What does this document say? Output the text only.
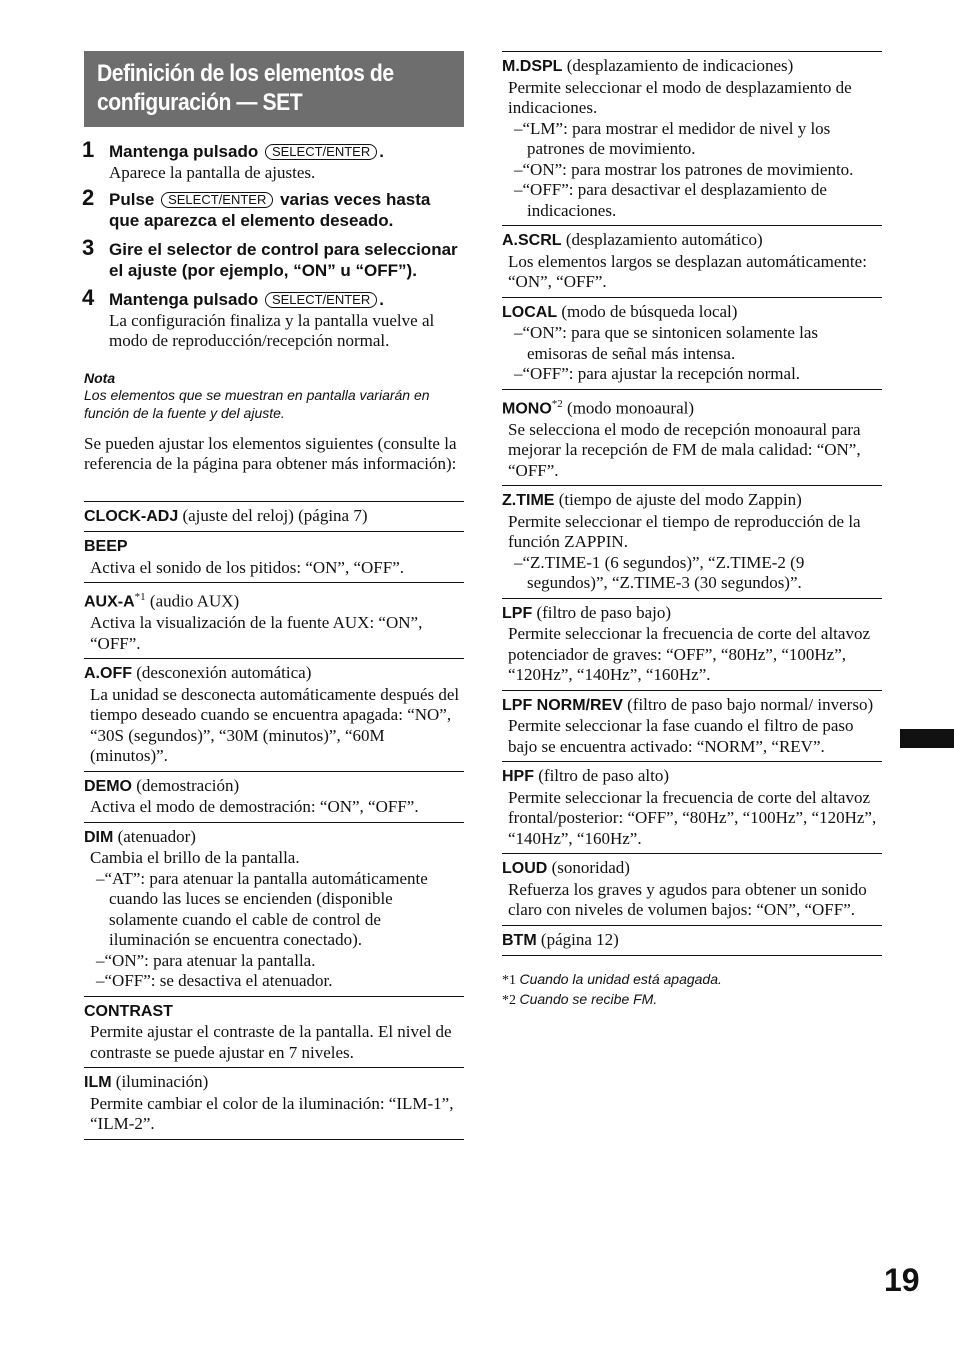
Definición de los elementos de
configuración — SET
1 Mantenga pulsado SELECT/ENTER .
Aparece la pantalla de ajustes.
2 Pulse SELECT/ENTER varias veces hasta que aparezca el elemento deseado.
3 Gire el selector de control para seleccionar el ajuste (por ejemplo, “ON” u “OFF”).
4 Mantenga pulsado SELECT/ENTER .
La configuración finaliza y la pantalla vuelve al modo de reproducción/recepción normal.
Nota
Los elementos que se muestran en pantalla variarán en función de la fuente y del ajuste.
Se pueden ajustar los elementos siguientes (consulte la referencia de la página para obtener más información):
CLOCK-ADJ (ajuste del reloj) (página 7)
BEEP
Activa el sonido de los pitidos: “ON”, “OFF”.
AUX-$A^{*1}$ (audio AUX)
Activa la visualización de la fuente AUX: “ON”, “OFF”.
A.OFF (desconexión automática)
La unidad se desconecta automáticamente después del tiempo deseado cuando se encuentra apagada: “NO”, “30S (segundos)”, “30M (minutos)”, “60M (minutos)”.
DEMO (demostración)
Activa el modo de demostración: “ON”, “OFF”.
DIM (atenuador)
Cambia el brillo de la pantalla.
–“AT”: para atenuar la pantalla automáticamente cuando las luces se encienden (disponible solamente cuando el cable de control de iluminación se encuentra conectado).
–“ON”: para atenuar la pantalla.
–“OFF”: se desactiva el atenuador.
CONTRAST
Permite ajustar el contraste de la pantalla. El nivel de contraste se puede ajustar en 7 niveles.
ILM (iluminación)
Permite cambiar el color de la iluminación: “ILM-1”, “ILM-2”.
M.DSPL (desplazamiento de indicaciones)
Permite seleccionar el modo de desplazamiento de indicaciones.
–“LM”: para mostrar el medidor de nivel y los patrones de movimiento.
–“ON”: para mostrar los patrones de movimiento.
–“OFF”: para desactivar el desplazamiento de indicaciones.
A.SCRL (desplazamiento automático)
Los elementos largos se desplazan automáticamente: “ON”, “OFF”.
LOCAL (modo de búsqueda local)
–“ON”: para que se sintonicen solamente las emisoras de señal más intensa.
–“OFF”: para ajustar la recepción normal.
MONO$^{*2}$ (modo monoaural)
Se selecciona el modo de recepción monoaural para mejorar la recepción de FM de mala calidad: “ON”, “OFF”.
Z.TIME (tiempo de ajuste del modo Zappin)
Permite seleccionar el tiempo de reproducción de la función ZAPPIN.
–“Z.TIME-1 (6 segundos)”, “Z.TIME-2 (9 segundos)”, “Z.TIME-3 (30 segundos)”.
LPF (filtro de paso bajo)
Permite seleccionar la frecuencia de corte del altavoz potenciador de graves: “OFF”, “80Hz”, “100Hz”, “120Hz”, “140Hz”, “160Hz”.
LPF NORM/REV (filtro de paso bajo normal/ inverso)
Permite seleccionar la fase cuando el filtro de paso bajo se encuentra activado: “NORM”, “REV”.
HPF (filtro de paso alto)
Permite seleccionar la frecuencia de corte del altavoz frontal/posterior: “OFF”, “80Hz”, “100Hz”, “120Hz”, “140Hz”, “160Hz”.
LOUD (sonoridad)
Refuerza los graves y agudos para obtener un sonido claro con niveles de volumen bajos: “ON”, “OFF”.
BTM (página 12)
*1 Cuando la unidad está apagada.
*2 Cuando se recibe FM.
19
